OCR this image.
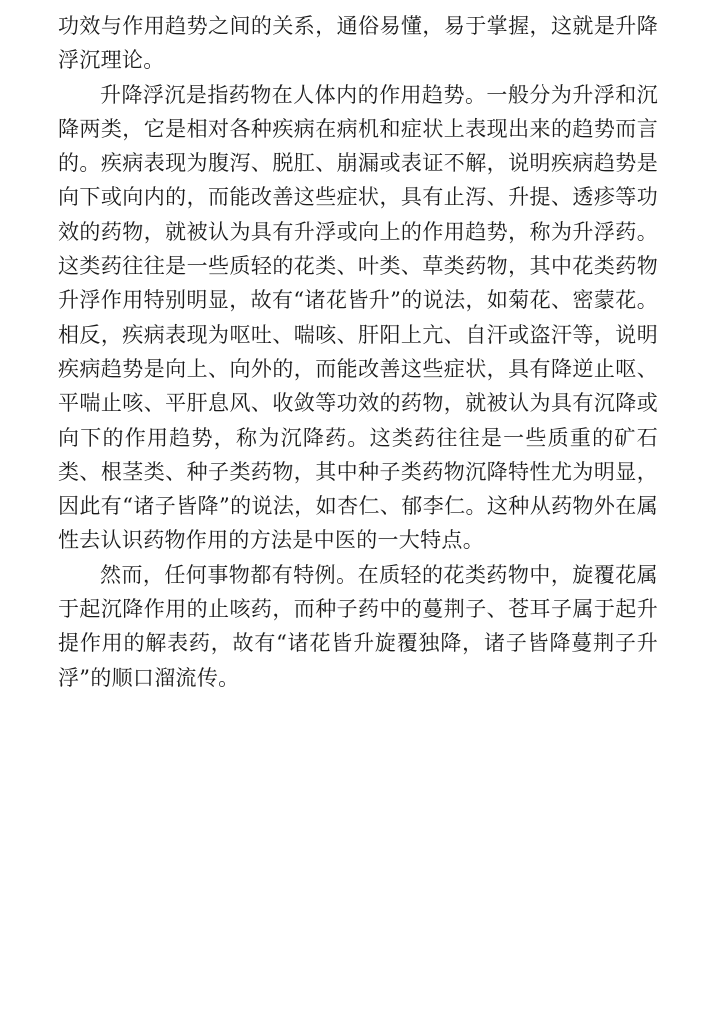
功效与作用趋势之间的关系，通俗易懂，易于掌握，这就是升降浮沉理论。

升降浮沉是指药物在人体内的作用趋势。一般分为升浮和沉降两类，它是相对各种疾病在病机和症状上表现出来的趋势而言的。疾病表现为腹泻、脱肛、崩漏或表证不解，说明疾病趋势是向下或向内的，而能改善这些症状，具有止泻、升提、透疹等功效的药物，就被认为具有升浮或向上的作用趋势，称为升浮药。这类药往往是一些质轻的花类、叶类、草类药物，其中花类药物升浮作用特别明显，故有“诸花皆升”的说法，如菊花、密蒙花。相反，疾病表现为呕吐、喘咳、肝阳上亢、自汗或盗汗等，说明疾病趋势是向上、向外的，而能改善这些症状，具有降逆止呕、平喘止咳、平肝息风、收敛等功效的药物，就被认为具有沉降或向下的作用趋势，称为沉降药。这类药往往是一些质重的矿石类、根茎类、种子类药物，其中种子类药物沉降特性尤为明显，因此有“诸子皆降”的说法，如杏仁、郁李仁。这种从药物外在属性去认识药物作用的方法是中医的一大特点。

然而，任何事物都有特例。在质轻的花类药物中，旋覆花属于起沉降作用的止咳药，而种子药中的蔓荆子、苍耳子属于起升提作用的解表药，故有“诸花皆升旋覆独降，诸子皆降蔓荆子升浮”的顺口溜流传。
